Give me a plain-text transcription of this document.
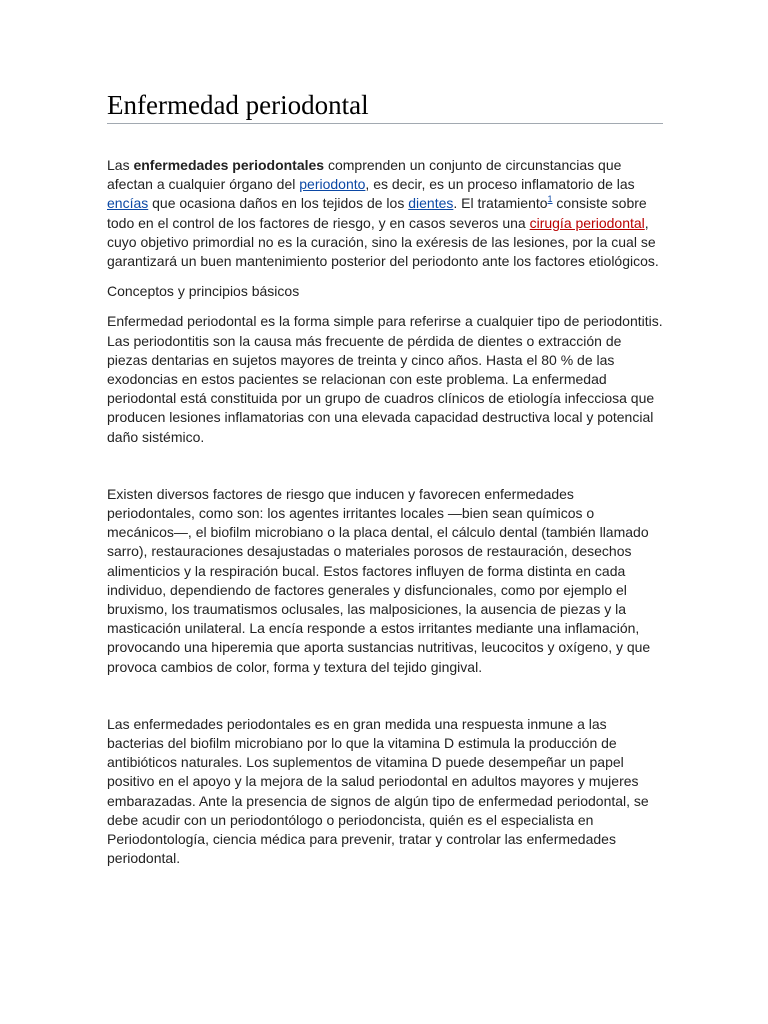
Enfermedad periodontal

Las enfermedades periodontales comprenden un conjunto de circunstancias que afectan a cualquier órgano del periodonto, es decir, es un proceso inflamatorio de las encías que ocasiona daños en los tejidos de los dientes. El tratamiento$^1$ consiste sobre todo en el control de los factores de riesgo, y en casos severos una cirugía periodontal, cuyo objetivo primordial no es la curación, sino la exéresis de las lesiones, por la cual se garantizará un buen mantenimiento posterior del periodonto ante los factores etiológicos.

Conceptos y principios básicos

Enfermedad periodontal es la forma simple para referirse a cualquier tipo de periodontitis. Las periodontitis son la causa más frecuente de pérdida de dientes o extracción de piezas dentarias en sujetos mayores de treinta y cinco años. Hasta el 80 % de las exodoncias en estos pacientes se relacionan con este problema. La enfermedad periodontal está constituida por un grupo de cuadros clínicos de etiología infecciosa que producen lesiones inflamatorias con una elevada capacidad destructiva local y potencial daño sistémico.

Existen diversos factores de riesgo que inducen y favorecen enfermedades periodontales, como son: los agentes irritantes locales —bien sean químicos o mecánicos—, el biofilm microbiano o la placa dental, el cálculo dental (también llamado sarro), restauraciones desajustadas o materiales porosos de restauración, desechos alimenticios y la respiración bucal. Estos factores influyen de forma distinta en cada individuo, dependiendo de factores generales y disfuncionales, como por ejemplo el bruxismo, los traumatismos oclusales, las malposiciones, la ausencia de piezas y la masticación unilateral. La encía responde a estos irritantes mediante una inflamación, provocando una hiperemia que aporta sustancias nutritivas, leucocitos y oxígeno, y que provoca cambios de color, forma y textura del tejido gingival.

Las enfermedades periodontales es en gran medida una respuesta inmune a las bacterias del biofilm microbiano por lo que la vitamina D estimula la producción de antibióticos naturales. Los suplementos de vitamina D puede desempeñar un papel positivo en el apoyo y la mejora de la salud periodontal en adultos mayores y mujeres embarazadas. Ante la presencia de signos de algún tipo de enfermedad periodontal, se debe acudir con un periodontólogo o periodoncista, quién es el especialista en Periodontología, ciencia médica para prevenir, tratar y controlar las enfermedades periodontal.
